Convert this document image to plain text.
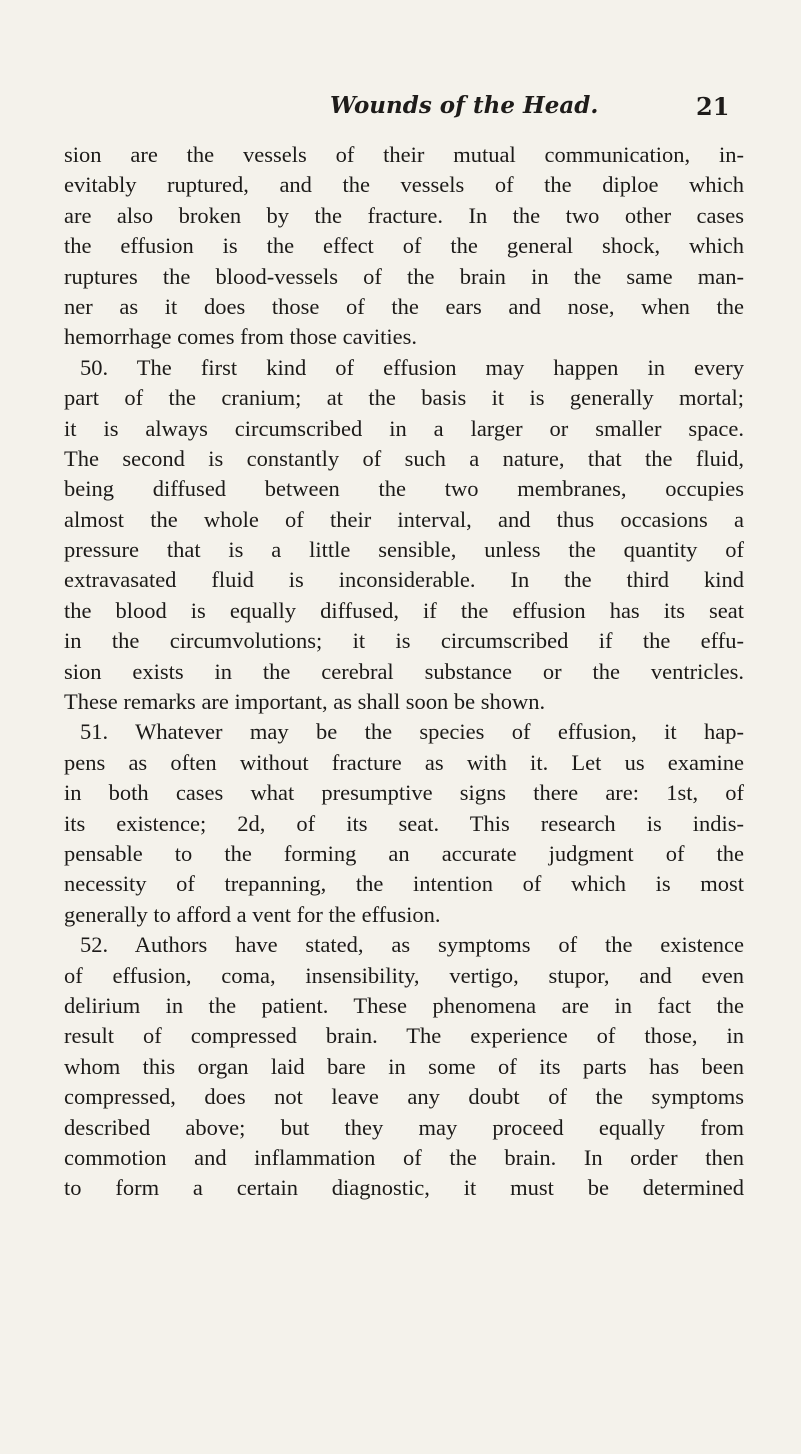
Wounds of the Head.	21
sion are the vessels of their mutual communication, in-
evitably ruptured, and the vessels of the diploe which
are also broken by the fracture. In the two other cases
the effusion is the effect of the general shock, which
ruptures the blood-vessels of the brain in the same man-
ner as it does those of the ears and nose, when the
hemorrhage comes from those cavities.
50. The first kind of effusion may happen in every
part of the cranium; at the basis it is generally mortal;
it is always circumscribed in a larger or smaller space.
The second is constantly of such a nature, that the fluid,
being diffused between the two membranes, occupies
almost the whole of their interval, and thus occasions a
pressure that is a little sensible, unless the quantity of
extravasated fluid is inconsiderable. In the third kind
the blood is equally diffused, if the effusion has its seat
in the circumvolutions; it is circumscribed if the effu-
sion exists in the cerebral substance or the ventricles.
These remarks are important, as shall soon be shown.
51. Whatever may be the species of effusion, it hap-
pens as often without fracture as with it. Let us examine
in both cases what presumptive signs there are: 1st, of
its existence; 2d, of its seat. This research is indis-
pensable to the forming an accurate judgment of the
necessity of trepanning, the intention of which is most
generally to afford a vent for the effusion.
52. Authors have stated, as symptoms of the existence
of effusion, coma, insensibility, vertigo, stupor, and even
delirium in the patient. These phenomena are in fact the
result of compressed brain. The experience of those, in
whom this organ laid bare in some of its parts has been
compressed, does not leave any doubt of the symptoms
described above; but they may proceed equally from
commotion and inflammation of the brain. In order then
to form a certain diagnostic, it must be determined
